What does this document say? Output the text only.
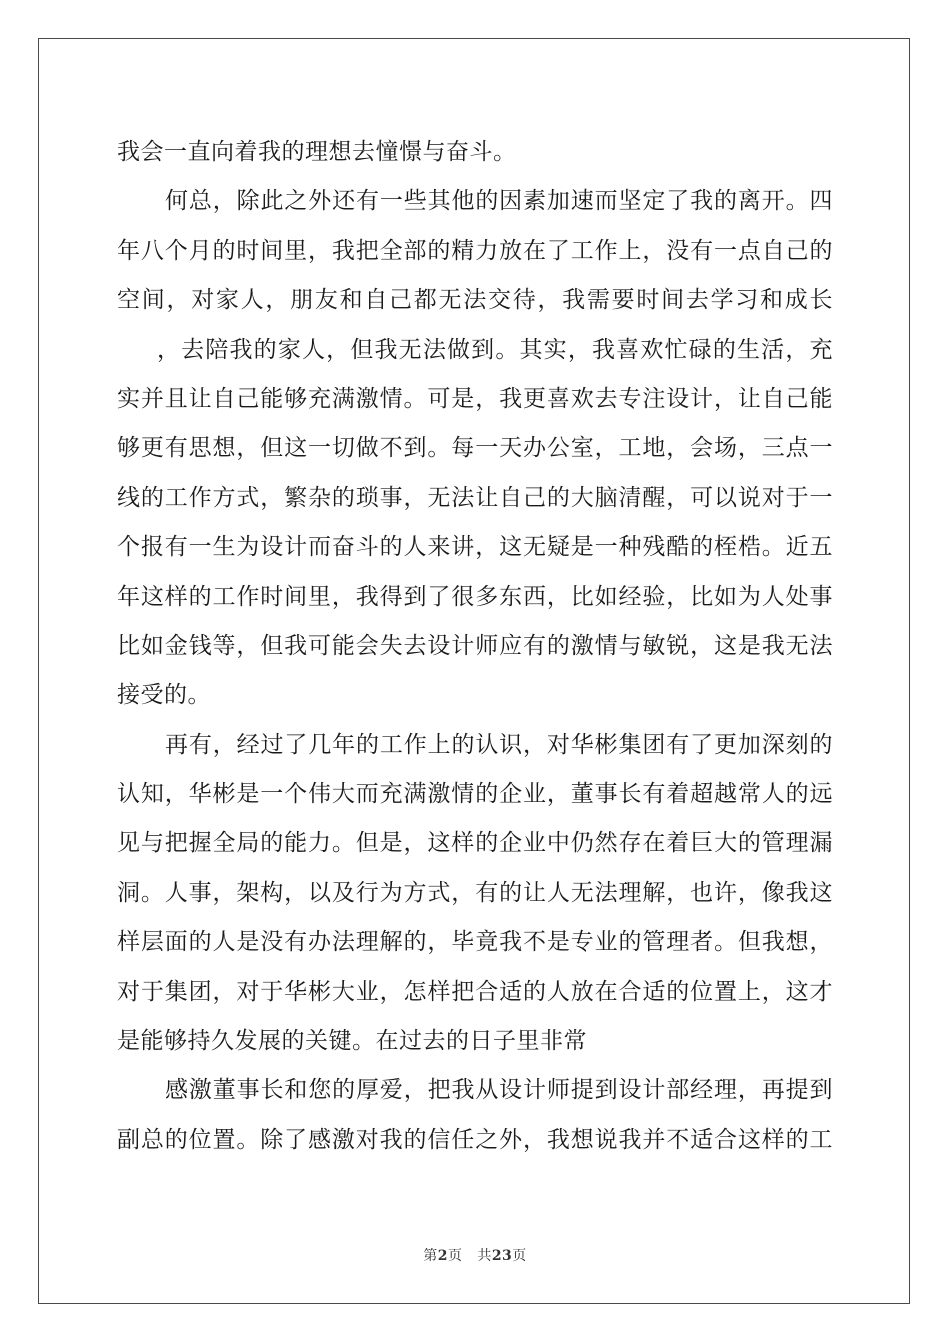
我会一直向着我的理想去憧憬与奋斗。
何总，除此之外还有一些其他的因素加速而坚定了我的离开。四
年八个月的时间里，我把全部的精力放在了工作上，没有一点自己的
空间，对家人，朋友和自己都无法交待，我需要时间去学习和成长
，去陪我的家人，但我无法做到。其实，我喜欢忙碌的生活，充
实并且让自己能够充满激情。可是，我更喜欢去专注设计，让自己能
够更有思想，但这一切做不到。每一天办公室，工地，会场，三点一
线的工作方式，繁杂的琐事，无法让自己的大脑清醒，可以说对于一
个报有一生为设计而奋斗的人来讲，这无疑是一种残酷的桎梏。近五
年这样的工作时间里，我得到了很多东西，比如经验，比如为人处事
比如金钱等，但我可能会失去设计师应有的激情与敏锐，这是我无法
接受的。
再有，经过了几年的工作上的认识，对华彬集团有了更加深刻的
认知，华彬是一个伟大而充满激情的企业，董事长有着超越常人的远
见与把握全局的能力。但是，这样的企业中仍然存在着巨大的管理漏
洞。人事，架构，以及行为方式，有的让人无法理解，也许，像我这
样层面的人是没有办法理解的，毕竟我不是专业的管理者。但我想，
对于集团，对于华彬大业，怎样把合适的人放在合适的位置上，这才
是能够持久发展的关键。在过去的日子里非常
感激董事长和您的厚爱，把我从设计师提到设计部经理，再提到
副总的位置。除了感激对我的信任之外，我想说我并不适合这样的工
第2页 共23页
